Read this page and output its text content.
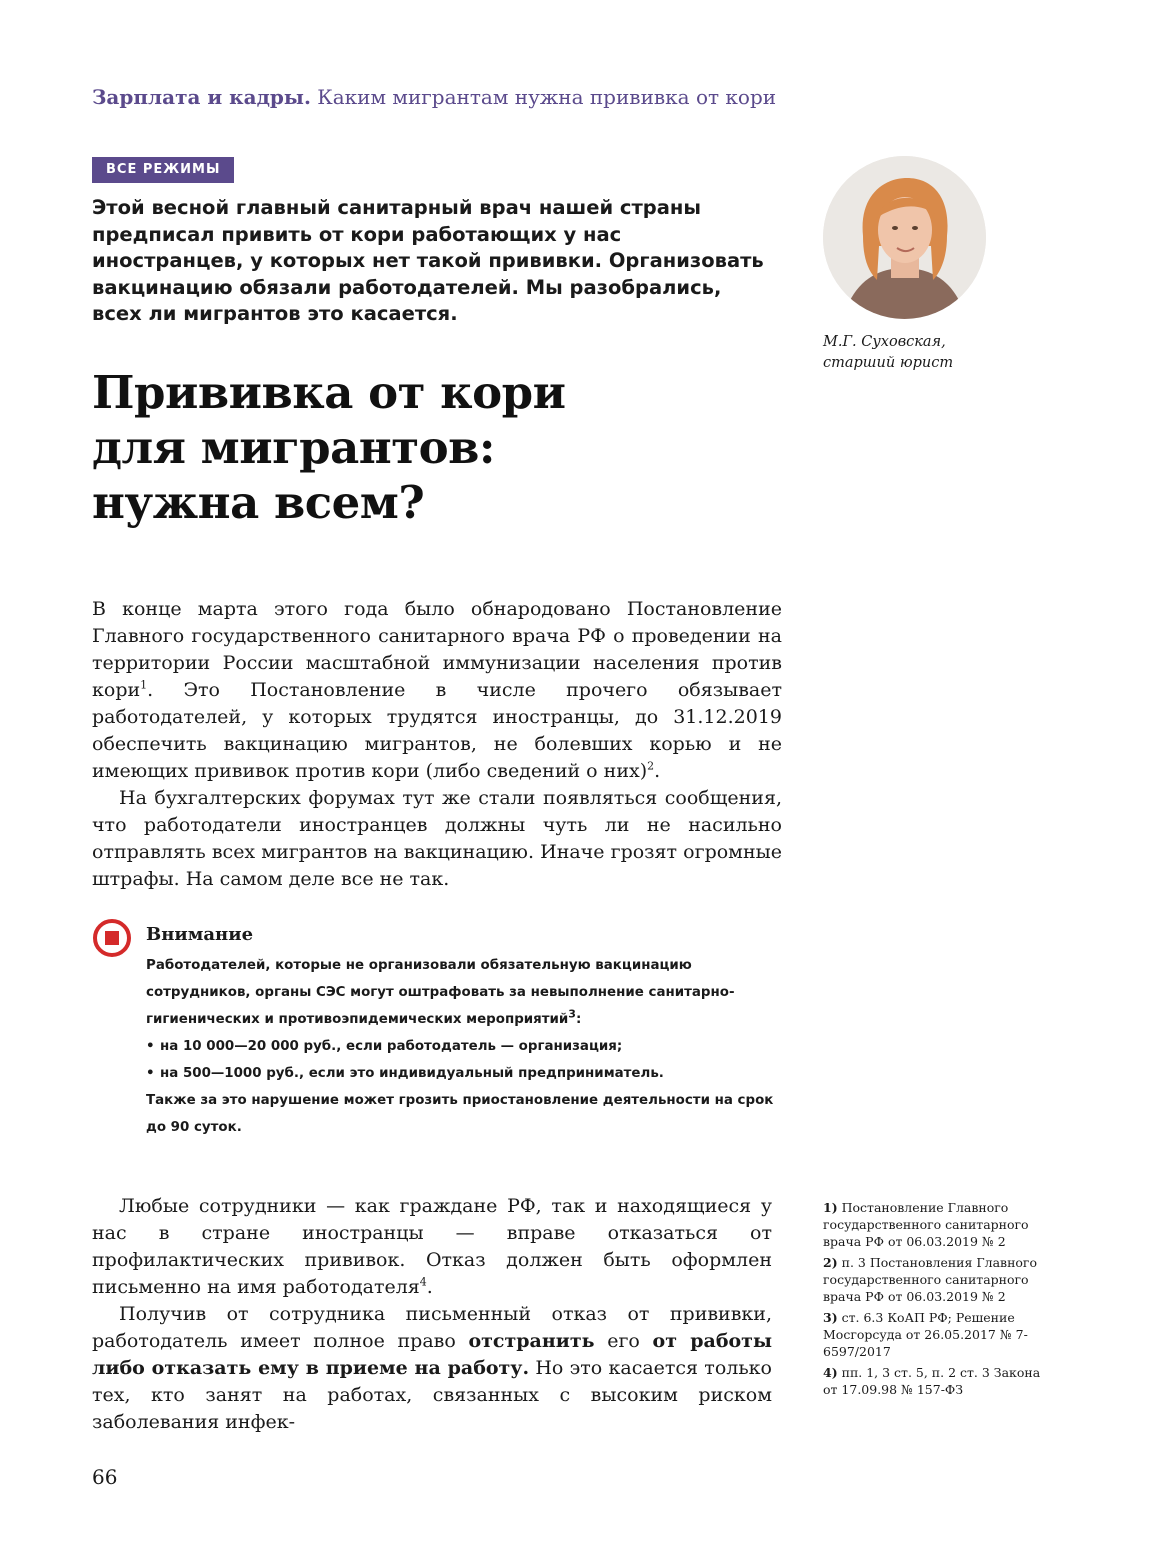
Зарплата и кадры. Каким мигрантам нужна прививка от кори
ВСЕ РЕЖИМЫ

Этой весной главный санитарный врач нашей страны предписал привить от кори работающих у нас иностранцев, у которых нет такой прививки. Организовать вакцинацию обязали работодателей. Мы разобрались, всех ли мигрантов это касается.

М.Г. Суховская,
старший юрист

Прививка от кори
для мигрантов:
нужна всем?

В конце марта этого года было обнародовано Постановление Главного государственного санитарного врача РФ о проведении на территории России масштабной иммунизации населения против кори$^1$. Это Постановление в числе прочего обязывает работодателей, у которых трудятся иностранцы, до 31.12.2019 обеспечить вакцинацию мигрантов, не болевших корью и не имеющих прививок против кори (либо сведений о них)$^2$.

На бухгалтерских форумах тут же стали появляться сообщения, что работодатели иностранцев должны чуть ли не насильно отправлять всех мигрантов на вакцинацию. Иначе грозят огромные штрафы. На самом деле все не так.

Внимание

Работодателей, которые не организовали обязательную вакцинацию сотрудников, органы СЭС могут оштрафовать за невыполнение санитарно-гигиенических и противоэпидемических мероприятий$^3$:

• на 10 000—20 000 руб., если работодатель — организация;

• на 500—1000 руб., если это индивидуальный предприниматель.

Также за это нарушение может грозить приостановление деятельности на срок до 90 суток.

Любые сотрудники — как граждане РФ, так и находящиеся у нас в стране иностранцы — вправе отказаться от профилактических прививок. Отказ должен быть оформлен письменно на имя работодателя$^4$.

Получив от сотрудника письменный отказ от прививки, работодатель имеет полное право отстранить его от работы либо отказать ему в приеме на работу. Но это касается только тех, кто занят на работах, связанных с высоким риском заболевания инфек-

1) Постановление Главного государственного санитарного врача РФ от 06.03.2019 № 2

2) п. 3 Постановления Главного государственного санитарного врача РФ от 06.03.2019 № 2

3) ст. 6.3 КоАП РФ; Решение Мосгорсуда от 26.05.2017 № 7-6597/2017

4) пп. 1, 3 ст. 5, п. 2 ст. 3 Закона от 17.09.98 № 157-ФЗ

66
